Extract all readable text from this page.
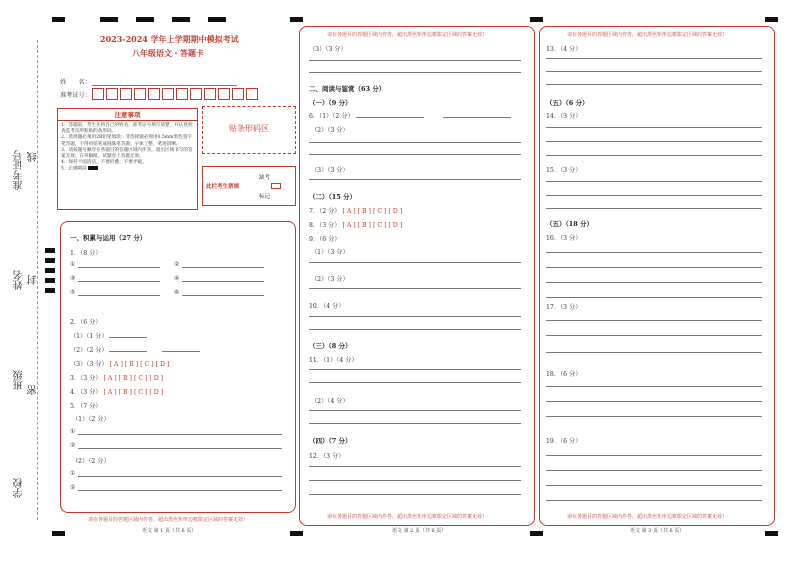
准考证号 线
姓名 封
班级 密
学校
2023-2024 学年上学期期中模拟考试
八年级语文・答题卡
姓　　名：
准考证号：
注意事项
1．答题前，考生先将自己的姓名，准考证号填写清楚，并认真检查监考员所粘贴的条形码。
2．选择题必须用2B铅笔填涂；非选择题必须用0.5mm黑色签字笔答题，不得用铅笔或圆珠笔答题；字体工整、笔迹清晰。
3．请按题号顺序在各题目的答题区域内作答，超出区域书写的答案无效；在草稿纸、试题卷上答题无效。
4．保持卡面清洁，不要折叠、不要弄破。
5．正确填涂
贴条形码区
此栏考生禁填
缺考
标记
一、积累与运用（27 分）
1．（8 分）
①	②
③	④
⑤	⑥
2．（6 分）
（1）（1 分）
（2）（2 分）
（3）（3 分） [ A ] [ B ] [ C ] [ D ]
3．（3 分） [ A ] [ B ] [ C ] [ D ]
4．（3 分） [ A ] [ B ] [ C ] [ D ]
5．（7 分）
（1）（2 分）
①
②
（2）（2 分）
①
②
请在各题目的答题区域内作答，超出黑色矩形边框限定区域的答案无效！
语文 第 1 页（共 6 页）
请在各题目的答题区域内作答，超出黑色矩形边框限定区域的答案无效！
（3）（3 分）
二、阅读与鉴赏（63 分）
（一）（9 分）
6．（1）（2 分）
（2）（3 分）
（3）（3 分）
（二）（15 分）
7．（2 分） [ A ] [ B ] [ C ] [ D ]
8．（3 分） [ A ] [ B ] [ C ] [ D ]
9．（6 分）
（1）（3 分）
（2）（3 分）
10．（4 分）
（三）（8 分）
11．（1）（4 分）
（2）（4 分）
（四）（7 分）
12．（3 分）
请在各题目的答题区域内作答，超出黑色矩形边框限定区域的答案无效！
语文 第 2 页（共 6 页）
请在各题目的答题区域内作答，超出黑色矩形边框限定区域的答案无效！
13．（4 分）
（五）（6 分）
14．（3 分）
15．（3 分）
（五）（18 分）
16．（3 分）
17．（3 分）
18．（6 分）
19．（6 分）
请在各题目的答题区域内作答，超出黑色矩形边框限定区域的答案无效！
语文 第 3 页（共 6 页）
